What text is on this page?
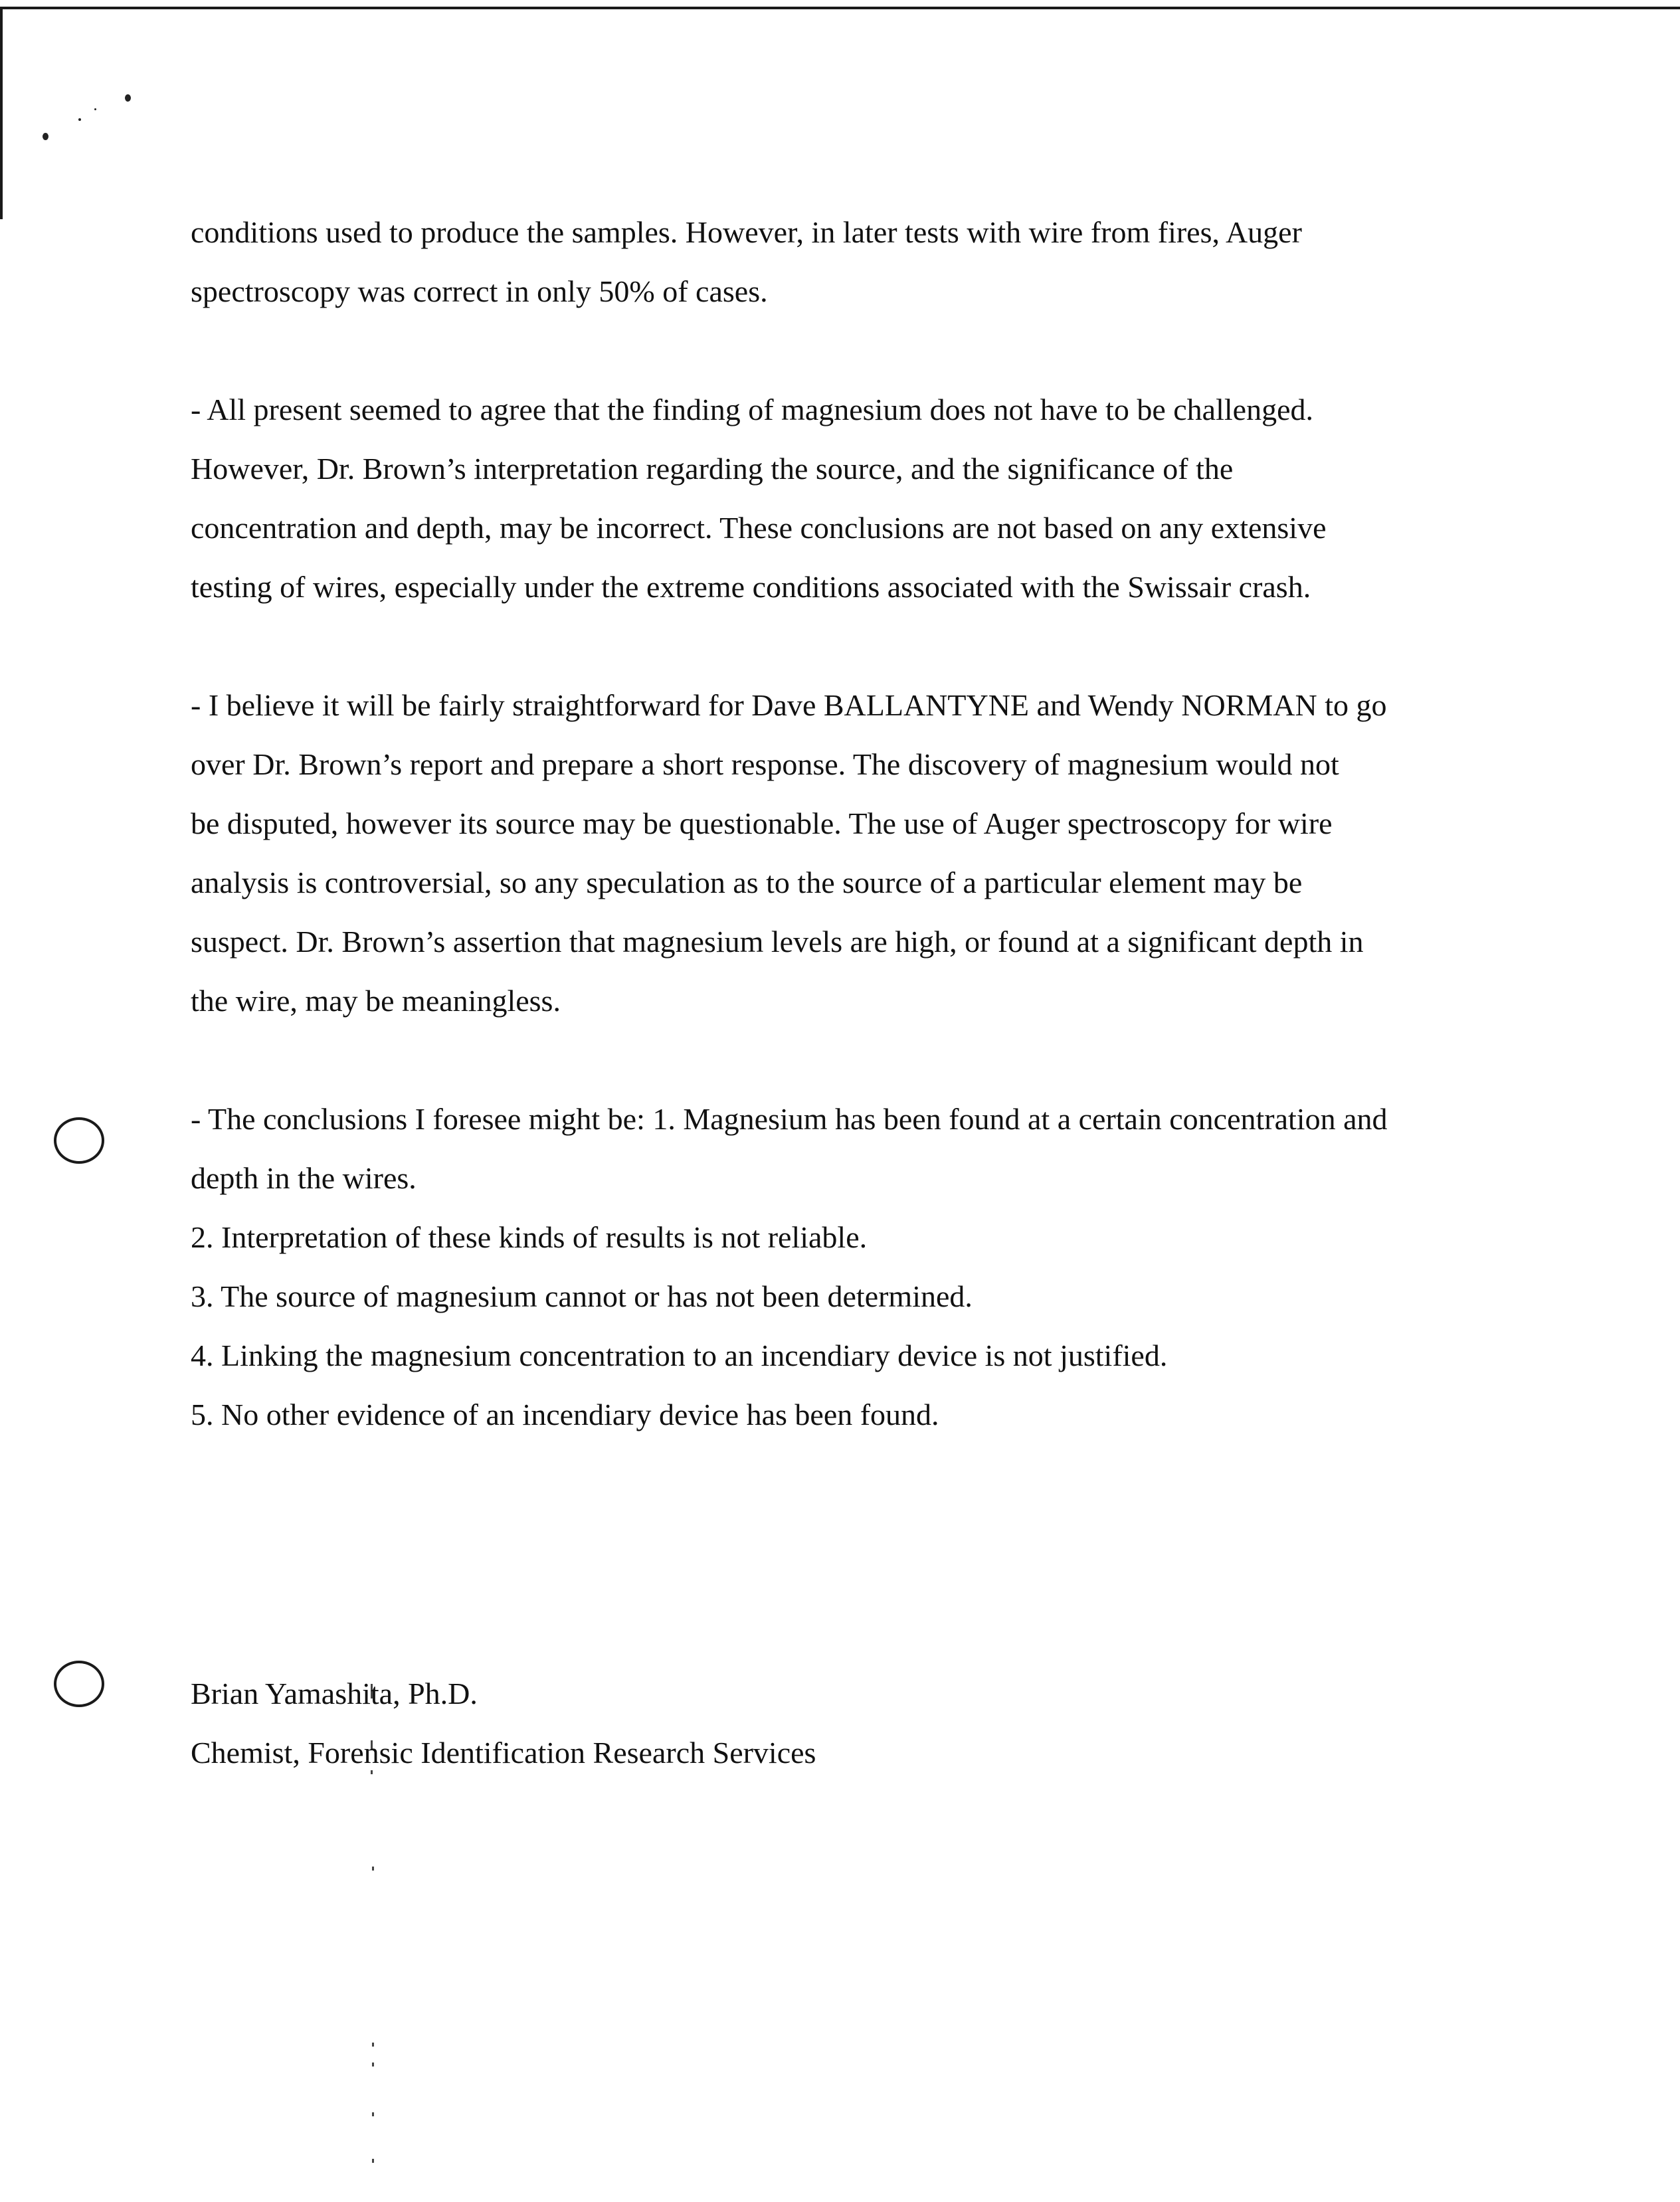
conditions used to produce the samples. However, in later tests with wire from fires, Auger
spectroscopy was correct in only 50% of cases.

- All present seemed to agree that the finding of magnesium does not have to be challenged.
However, Dr. Brown’s interpretation regarding the source, and the significance of the
concentration and depth, may be incorrect. These conclusions are not based on any extensive
testing of wires, especially under the extreme conditions associated with the Swissair crash.

- I believe it will be fairly straightforward for Dave BALLANTYNE and Wendy NORMAN to go
over Dr. Brown’s report and prepare a short response. The discovery of magnesium would not
be disputed, however its source may be questionable. The use of Auger spectroscopy for wire
analysis is controversial, so any speculation as to the source of a particular element may be
suspect. Dr. Brown’s assertion that magnesium levels are high, or found at a significant depth in
the wire, may be meaningless.

- The conclusions I foresee might be: 1. Magnesium has been found at a certain concentration and
depth in the wires.
2. Interpretation of these kinds of results is not reliable.
3. The source of magnesium cannot or has not been determined.
4. Linking the magnesium concentration to an incendiary device is not justified.
5. No other evidence of an incendiary device has been found.

Brian Yamashita, Ph.D.
Chemist, Forensic Identification Research Services
